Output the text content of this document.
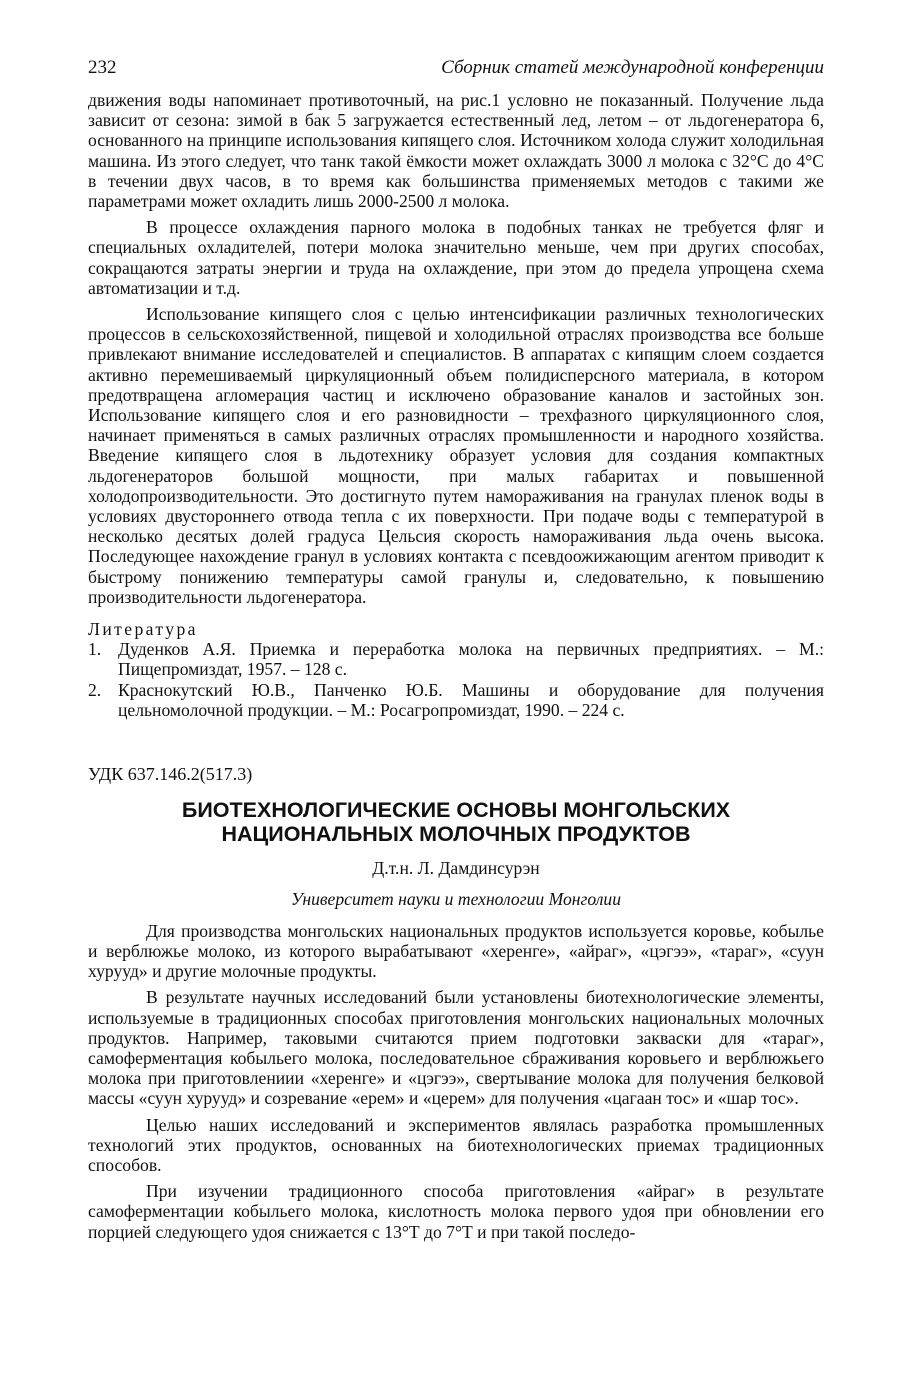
232	Сборник статей международной конференции

движения воды напоминает противоточный, на рис.1 условно не показанный. Получение льда зависит от сезона: зимой в бак 5 загружается естественный лед, летом – от льдогенератора 6, основанного на принципе использования кипящего слоя. Источником холода служит холодильная машина. Из этого следует, что танк такой ёмкости может охлаждать 3000 л молока с 32°С до 4°С в течении двух часов, в то время как большинства применяемых методов с такими же параметрами может охладить лишь 2000-2500 л молока.

В процессе охлаждения парного молока в подобных танках не требуется фляг и специальных охладителей, потери молока значительно меньше, чем при других способах, сокращаются затраты энергии и труда на охлаждение, при этом до предела упрощена схема автоматизации и т.д.

Использование кипящего слоя с целью интенсификации различных технологических процессов в сельскохозяйственной, пищевой и холодильной отраслях производства все больше привлекают внимание исследователей и специалистов. В аппаратах с кипящим слоем создается активно перемешиваемый циркуляционный объем полидисперсного материала, в котором предотвращена агломерация частиц и исключено образование каналов и застойных зон. Использование кипящего слоя и его разновидности – трехфазного циркуляционного слоя, начинает применяться в самых различных отраслях промышленности и народного хозяйства. Введение кипящего слоя в льдотехнику образует условия для создания компактных льдогенераторов большой мощности, при малых габаритах и повышенной холодопроизводительности. Это достигнуто путем намораживания на гранулах пленок воды в условиях двустороннего отвода тепла с их поверхности. При подаче воды с температурой в несколько десятых долей градуса Цельсия скорость намораживания льда очень высока. Последующее нахождение гранул в условиях контакта с псевдоожижающим агентом приводит к быстрому понижению температуры самой гранулы и, следовательно, к повышению производительности льдогенератора.

Литература
1. Дуденков А.Я. Приемка и переработка молока на первичных предприятиях. – М.: Пищепромиздат, 1957. – 128 с.
2. Краснокутский Ю.В., Панченко Ю.Б. Машины и оборудование для получения цельномолочной продукции. – М.: Росагропромиздат, 1990. – 224 с.
УДК 637.146.2(517.3)
БИОТЕХНОЛОГИЧЕСКИЕ ОСНОВЫ МОНГОЛЬСКИХ
НАЦИОНАЛЬНЫХ МОЛОЧНЫХ ПРОДУКТОВ
Д.т.н. Л. Дамдинсурэн
Университет науки и технологии Монголии

Для производства монгольских национальных продуктов используется коровье, кобылье и верблюжье молоко, из которого вырабатывают «херенге», «айраг», «цэгээ», «тараг», «суун хурууд» и другие молочные продукты.

В результате научных исследований были установлены биотехнологические элементы, используемые в традиционных способах приготовления монгольских национальных молочных продуктов. Например, таковыми считаются прием подготовки закваски для «тараг», самоферментация кобыльего молока, последовательное сбраживания коровьего и верблюжьего молока при приготовлениии «херенге» и «цэгээ», свертывание молока для получения белковой массы «суун хурууд» и созревание «ерем» и «церем» для получения «цагаан тос» и «шар тос».

Целью наших исследований и экспериментов являлась разработка промышленных технологий этих продуктов, основанных на биотехнологических приемах традиционных способов.

При изучении традиционного способа приготовления «айраг» в результате самоферментации кобыльего молока, кислотность молока первого удоя при обновлении его порцией следующего удоя снижается с 13°Т до 7°Т и при такой последо-
